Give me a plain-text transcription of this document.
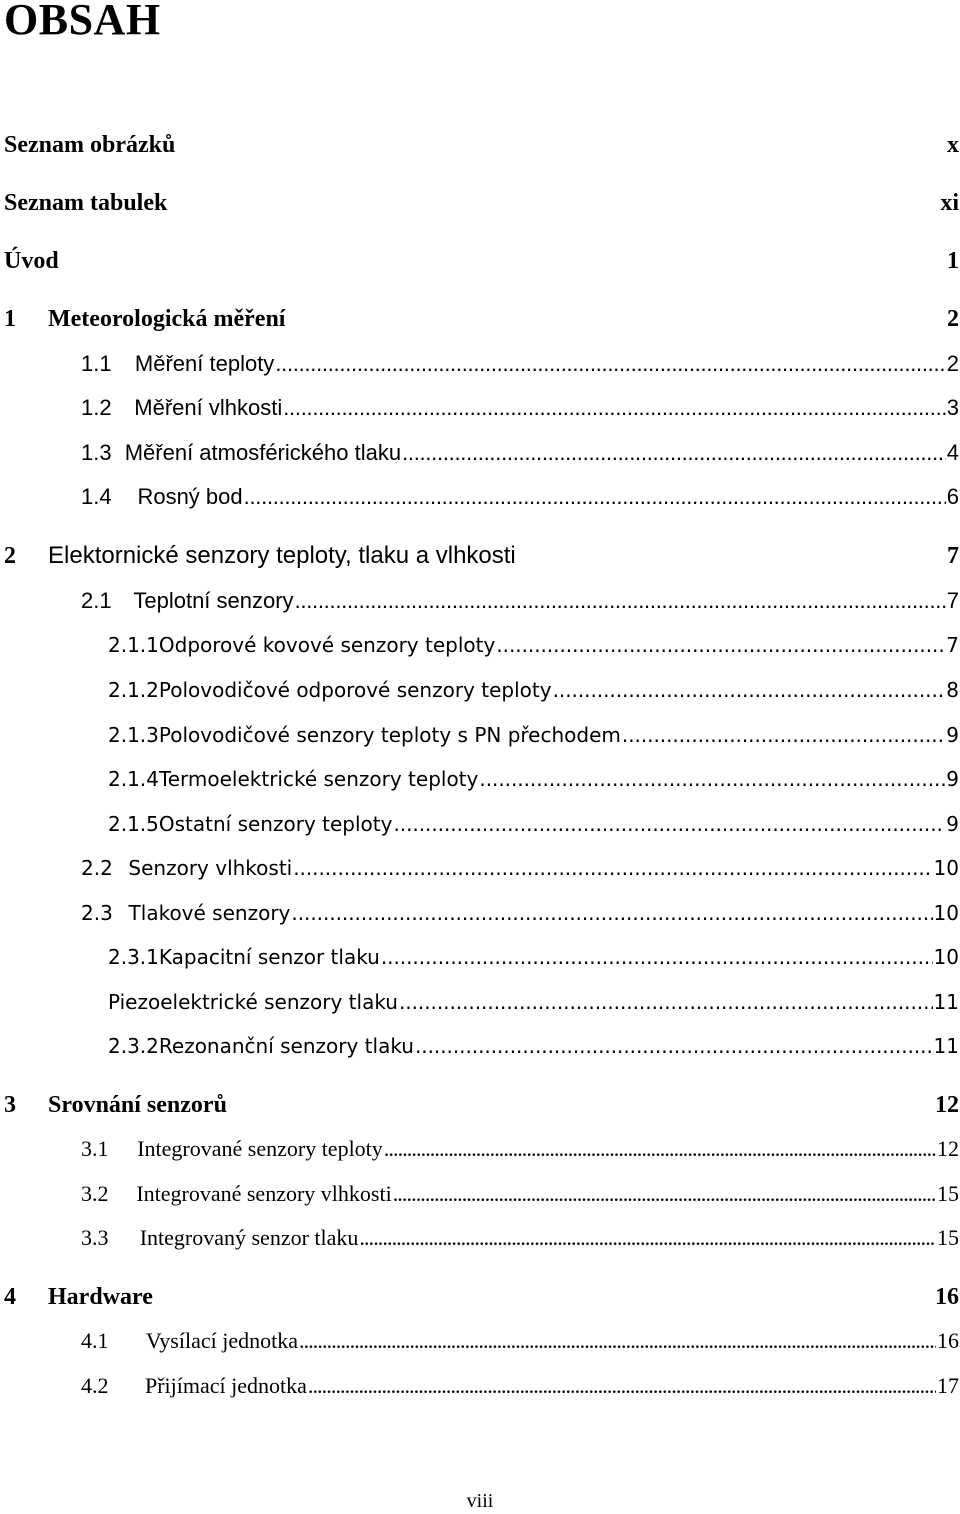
OBSAH
Seznam obrázků	x
Seznam tabulek	xi
Úvod	1
1	Meteorologická měření	2
1.1	Měření teploty . . .	2
1.2	Měření vlhkosti . . .	3
1.3 Měření atmosférického tlaku . . .	4
1.4	Rosný bod . . .	6
2	Elektornické senzory teploty, tlaku a vlhkosti	7
2.1 Teplotní senzory . . .	7
2.1.1 Odporové kovové senzory teploty . . .	7
2.1.2 Polovodičové odporové senzory teploty . . .	8
2.1.3 Polovodičové senzory teploty s PN přechodem . . .	9
2.1.4 Termoelektrické senzory teploty . . .	9
2.1.5 Ostatní senzory teploty . . .	9
2.2 Senzory vlhkosti . . .	10
2.3 Tlakové senzory . . .	10
2.3.1 Kapacitní senzor tlaku . . .	10
Piezoelektrické senzory tlaku . . .	11
2.3.2 Rezonanční senzory tlaku . . .	11
3	Srovnání senzorů	12
3.1	Integrované senzory teploty . . .	12
3.2	Integrované senzory vlhkosti . . .	15
3.3	Integrovaný senzor tlaku . . .	15
4	Hardware	16
4.1	Vysílací jednotka . . .	16
4.2	Přijímací jednotka . . .	17
viii
